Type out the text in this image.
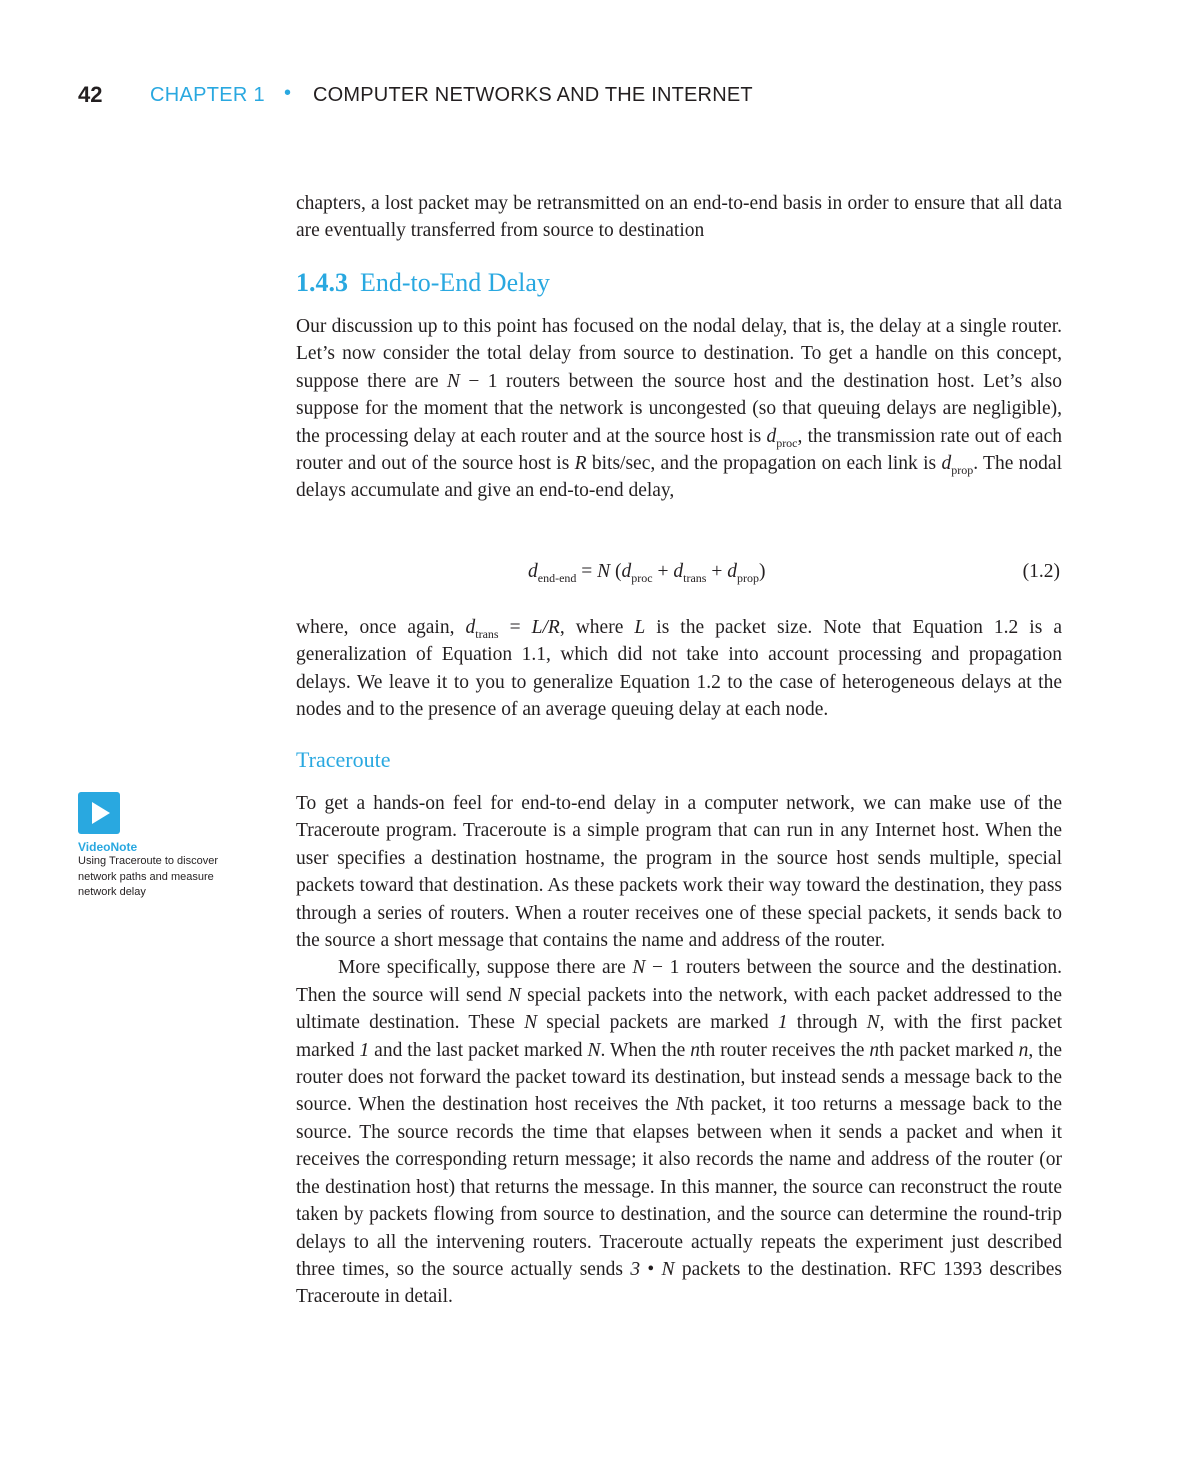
42 CHAPTER 1 • COMPUTER NETWORKS AND THE INTERNET

chapters, a lost packet may be retransmitted on an end-to-end basis in order to ensure that all data are eventually transferred from source to destination

1.4.3 End-to-End Delay

Our discussion up to this point has focused on the nodal delay, that is, the delay at a single router. Let’s now consider the total delay from source to destination. To get a handle on this concept, suppose there are N − 1 routers between the source host and the destination host. Let’s also suppose for the moment that the network is uncongested (so that queuing delays are negligible), the processing delay at each router and at the source host is $d_{proc}$, the transmission rate out of each router and out of the source host is R bits/sec, and the propagation on each link is $d_{prop}$. The nodal delays accumulate and give an end-to-end delay,

$d_{end-end} = N$ $(d_{proc} + d_{trans} + d_{prop})$	(1.2)

where, once again, $d_{trans} = L/R$, where L is the packet size. Note that Equation 1.2 is a generalization of Equation 1.1, which did not take into account processing and propagation delays. We leave it to you to generalize Equation 1.2 to the case of heterogeneous delays at the nodes and to the presence of an average queuing delay at each node.

Traceroute
VideoNote
Using Traceroute to discover network paths and measure network delay

To get a hands-on feel for end-to-end delay in a computer network, we can make use of the Traceroute program. Traceroute is a simple program that can run in any Internet host. When the user specifies a destination hostname, the program in the source host sends multiple, special packets toward that destination. As these packets work their way toward the destination, they pass through a series of routers. When a router receives one of these special packets, it sends back to the source a short message that contains the name and address of the router.

More specifically, suppose there are N − 1 routers between the source and the destination. Then the source will send N special packets into the network, with each packet addressed to the ultimate destination. These N special packets are marked 1 through N, with the first packet marked 1 and the last packet marked N. When the nth router receives the nth packet marked n, the router does not forward the packet toward its destination, but instead sends a message back to the source. When the destination host receives the Nth packet, it too returns a message back to the source. The source records the time that elapses between when it sends a packet and when it receives the corresponding return message; it also records the name and address of the router (or the destination host) that returns the message. In this manner, the source can reconstruct the route taken by packets flowing from source to destination, and the source can determine the round-trip delays to all the intervening routers. Traceroute actually repeats the experiment just described three times, so the source actually sends 3 • N packets to the destination. RFC 1393 describes Traceroute in detail.
